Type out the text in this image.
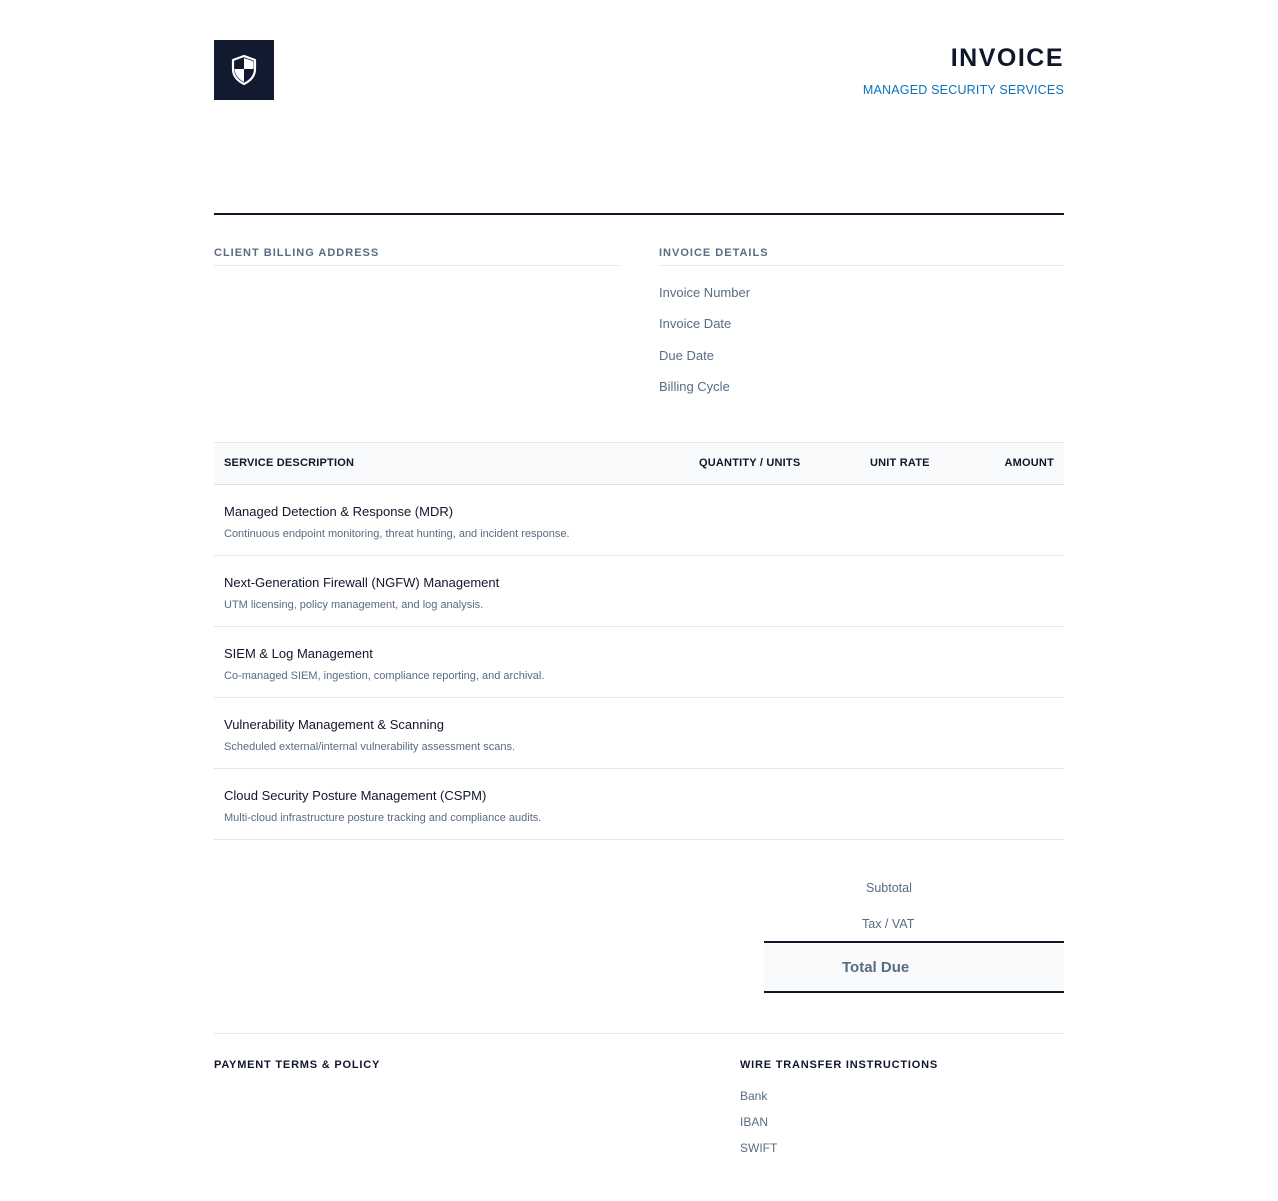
INVOICE
MANAGED SECURITY SERVICES
CLIENT BILLING ADDRESS	INVOICE DETAILS
Invoice Number
Invoice Date
Due Date
Billing Cycle
SERVICE DESCRIPTION	QUANTITY / UNITS	UNIT RATE	AMOUNT
Managed Detection & Response (MDR)
Continuous endpoint monitoring, threat hunting, and incident response.
Next-Generation Firewall (NGFW) Management
UTM licensing, policy management, and log analysis.
SIEM & Log Management
Co-managed SIEM, ingestion, compliance reporting, and archival.
Vulnerability Management & Scanning
Scheduled external/internal vulnerability assessment scans.
Cloud Security Posture Management (CSPM)
Multi-cloud infrastructure posture tracking and compliance audits.
Subtotal
Tax / VAT
Total Due
PAYMENT TERMS & POLICY	WIRE TRANSFER INSTRUCTIONS
Bank
IBAN
SWIFT
